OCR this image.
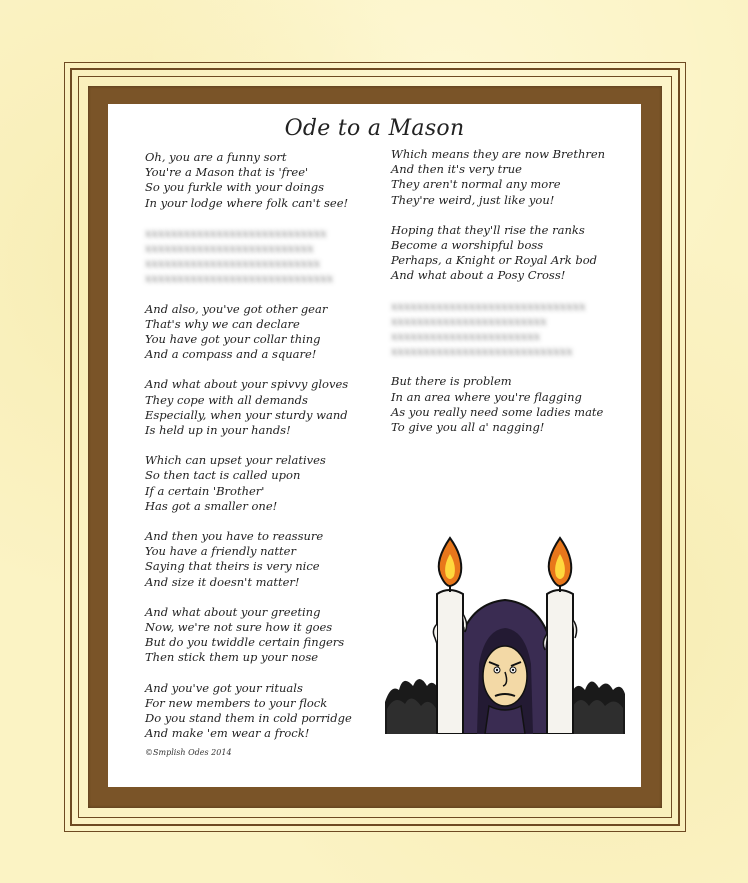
Ode to a Mason
Oh, you are a funny sort
You're a Mason that is 'free'
So you furkle with your doings
In your lodge where folk can't see!
xxxxxxxxxxxxxxxxxxxxxxxxxxxx
xxxxxxxxxxxxxxxxxxxxxxxxxx
xxxxxxxxxxxxxxxxxxxxxxxxxxx
xxxxxxxxxxxxxxxxxxxxxxxxxxxxx
And also, you've got other gear
That's why we can declare
You have got your collar thing
And a compass and a square!
And what about your spivvy gloves
They cope with all demands
Especially, when your sturdy wand
Is held up in your hands!
Which can upset your relatives
So then tact is called upon
If a certain 'Brother'
Has got a smaller one!
And then you have to reassure
You have a friendly natter
Saying that theirs is very nice
And size it doesn't matter!
And what about your greeting
Now, we're not sure how it goes
But do you twiddle certain fingers
Then stick them up your nose
And you've got your rituals
For new members to your flock
Do you stand them in cold porridge
And make 'em wear a frock!
Which means they are now Brethren
And then it's very true
They aren't normal any more
They're weird, just like you!
Hoping that they'll rise the ranks
Become a worshipful boss
Perhaps, a Knight or Royal Ark bod
And what about a Posy Cross!
xxxxxxxxxxxxxxxxxxxxxxxxxxxxxx
xxxxxxxxxxxxxxxxxxxxxxxx
xxxxxxxxxxxxxxxxxxxxxxx
xxxxxxxxxxxxxxxxxxxxxxxxxxxx
But there is problem
In an area where you're flagging
As you really need some ladies mate
To give you all a' nagging!
©Smplish Odes 2014
